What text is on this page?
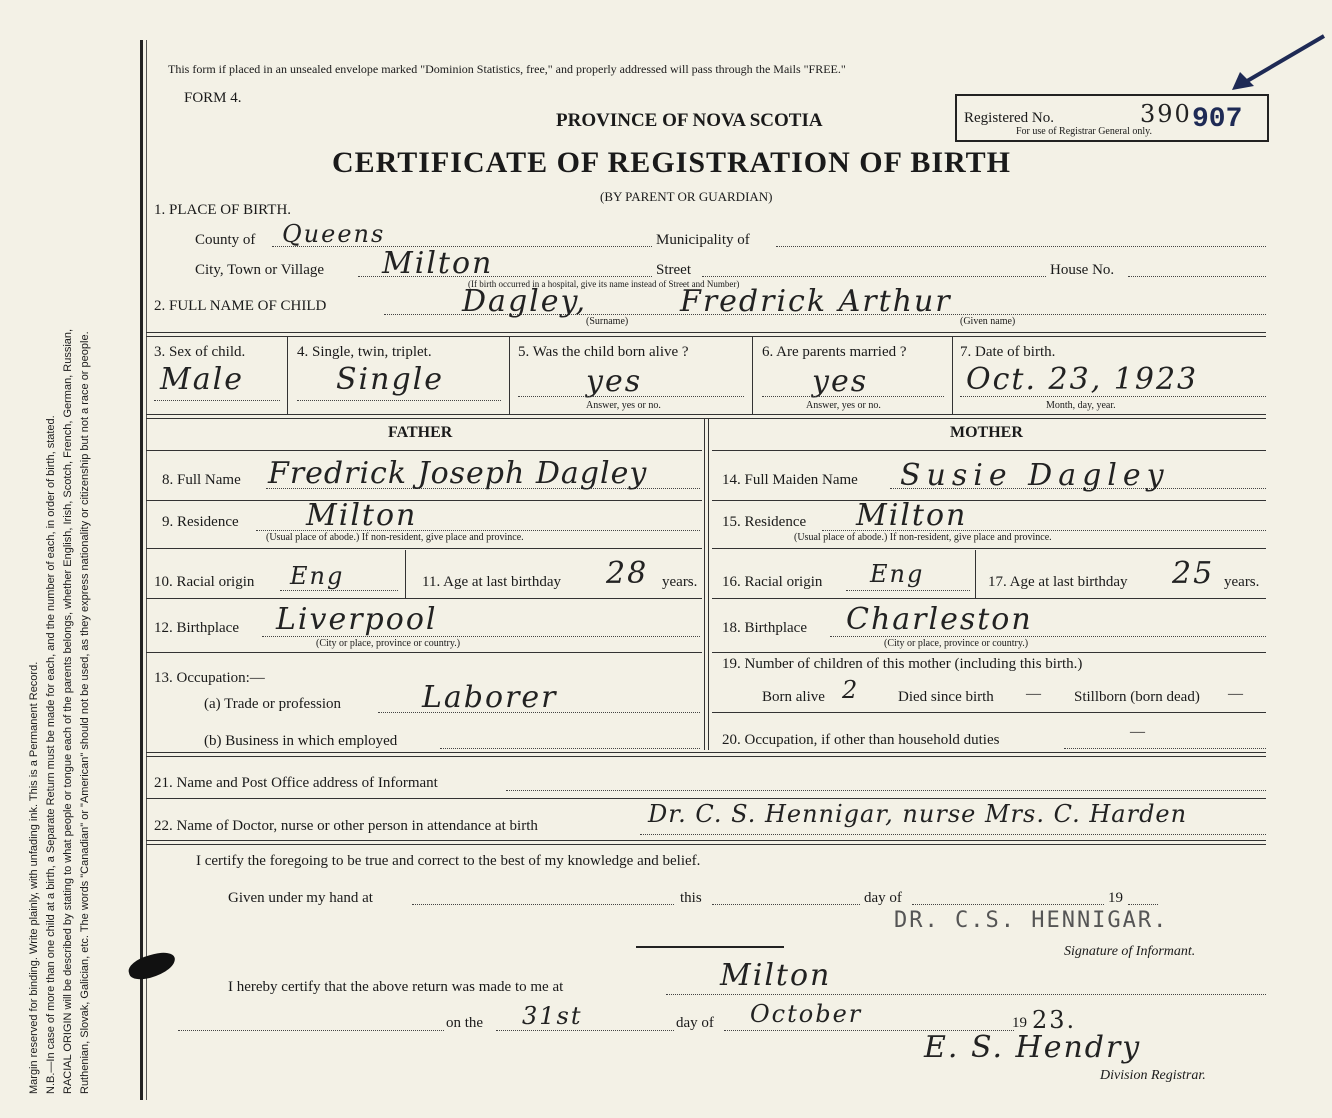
Margin reserved for binding. Write plainly, with unfading ink. This is a Permanent Record. N.B.—In case of more than one child at a birth, a Separate Return must be made for each, and the number of each, in order of birth, stated. RACIAL ORIGIN will be described by stating to what people or tongue each of the parents belongs, whether English, Irish, Scotch, French, German, Russian, Ruthenian, Slovak, Galician, etc. The words "Canadian" or "American" should not be used, as they express nationality or citizenship but not a race or people.
This form if placed in an unsealed envelope marked "Dominion Statistics, free," and properly addressed will pass through the Mails "FREE."
FORM 4.
PROVINCE OF NOVA SCOTIA
CERTIFICATE OF REGISTRATION OF BIRTH
(BY PARENT OR GUARDIAN)
Registered No.
For use of Registrar General only.
390 907
1. PLACE OF BIRTH.
County of Queens	Municipality of
City, Town or Village Milton	Street
(If birth occurred in a hospital, give its name instead of Street and Number)
House No.
2. FULL NAME OF CHILD	Dagley,	Fredrick Arthur
(Surname)	(Given name)
3. Sex of child.
Male
4. Single, twin, triplet.
Single
5. Was the child born alive ?
yes
Answer, yes or no.
6. Are parents married ?
yes
Answer, yes or no.
7. Date of birth.
Oct. 23, 1923
Month, day, year.
FATHER	MOTHER
8. Full Name Fredrick Joseph Dagley
9. Residence Milton
(Usual place of abode.) If non-resident, give place and province.
10. Racial origin Eng	11. Age at last birthday 28 years.
12. Birthplace Liverpool
(City or place, province or country.)
13. Occupation:—
(a) Trade or profession	Laborer
(b) Business in which employed
14. Full Maiden Name Susie Dagley
15. Residence Milton
(Usual place of abode.) If non-resident, give place and province.
16. Racial origin Eng	17. Age at last birthday 25 years.
18. Birthplace Charleston
(City or place, province or country.)
19. Number of children of this mother (including this birth.)
Born alive 2	Died since birth — Stillborn (born dead) —
20. Occupation, if other than household duties	—
21. Name and Post Office address of Informant
22. Name of Doctor, nurse or other person in attendance at birth	Dr. C. S. Hennigar, nurse Mrs. C. Harden
I certify the foregoing to be true and correct to the best of my knowledge and belief.
Given under my hand at	this	day of	19
DR. C.S. HENNIGAR.
Signature of Informant.
I hereby certify that the above return was made to me at	Milton
on the 31st	day of October	19 23.
E. S. Hendry
Division Registrar.
